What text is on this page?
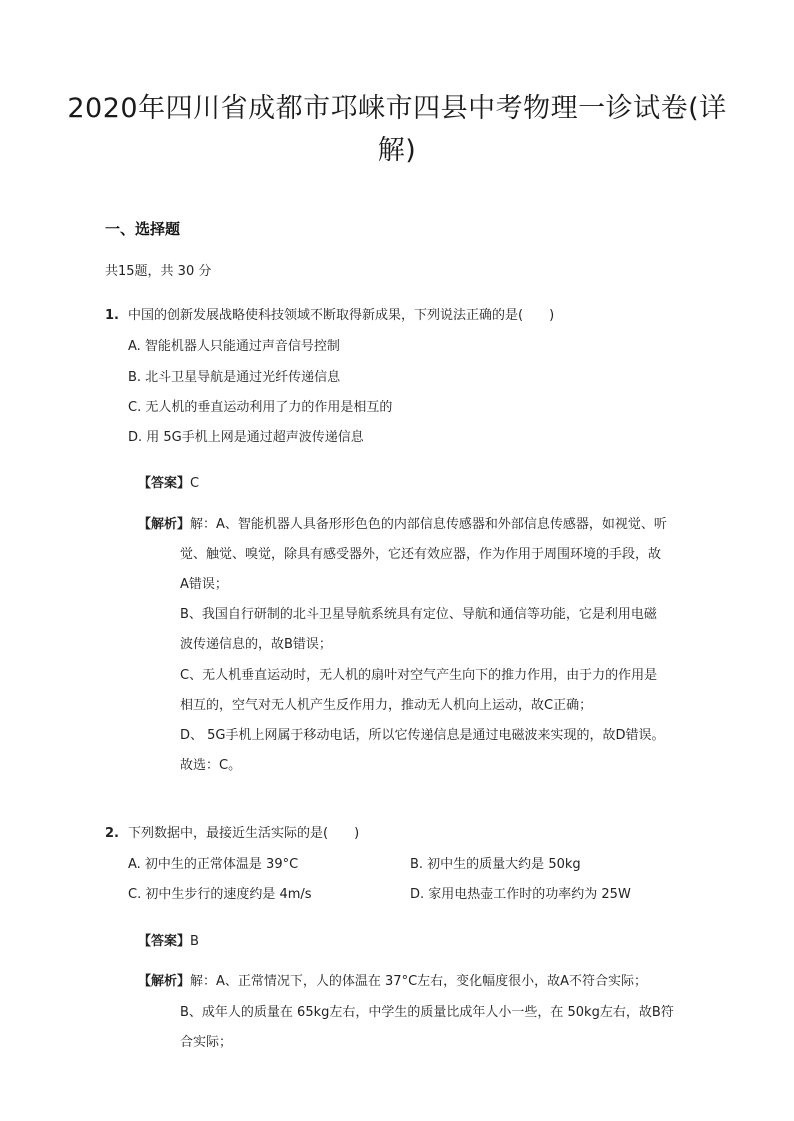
2020年四川省成都市邛崃市四县中考物理一诊试卷(详
解)
一、选择题
共15题，共 30 分
1. 中国的创新发展战略使科技领域不断取得新成果，下列说法正确的是(　　)
A. 智能机器人只能通过声音信号控制
B. 北斗卫星导航是通过光纤传递信息
C. 无人机的垂直运动利用了力的作用是相互的
D. 用 5G手机上网是通过超声波传递信息
【答案】C
【解析】解：A、智能机器人具备形形色色的内部信息传感器和外部信息传感器，如视觉、听
觉、触觉、嗅觉，除具有感受器外，它还有效应器，作为作用于周围环境的手段，故
A错误；
B、我国自行研制的北斗卫星导航系统具有定位、导航和通信等功能，它是利用电磁
波传递信息的，故B错误；
C、无人机垂直运动时，无人机的扇叶对空气产生向下的推力作用，由于力的作用是
相互的，空气对无人机产生反作用力，推动无人机向上运动，故C正确；
D、 5G手机上网属于移动电话，所以它传递信息是通过电磁波来实现的，故D错误。
故选：C。
2. 下列数据中，最接近生活实际的是(　　)
A. 初中生的正常体温是 39°C	B. 初中生的质量大约是 50kg
C. 初中生步行的速度约是 4m/s	D. 家用电热壶工作时的功率约为 25W
【答案】B
【解析】解：A、正常情况下，人的体温在 37°C左右，变化幅度很小，故A不符合实际；
B、成年人的质量在 65kg左右，中学生的质量比成年人小一些，在 50kg左右，故B符
合实际；
